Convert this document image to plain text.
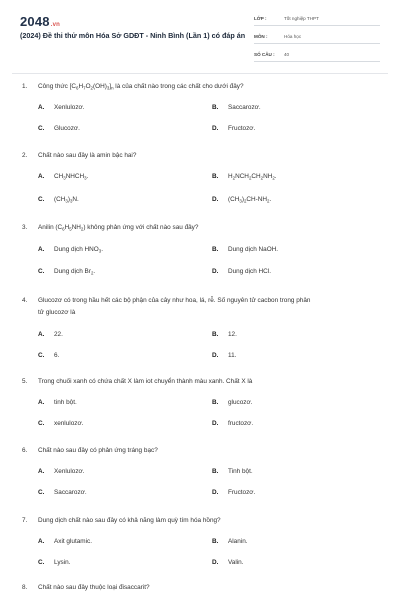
2048.vn
(2024) Đề thi thử môn Hóa Sở GDĐT - Ninh Bình (Lần 1) có đáp án
LỚP :	Tốt nghiệp THPT
MÔN :	Hóa học
SỐ CÂU :	40
1. Công thức $[C_6H_7O_2(OH)_3]_n$ là của chất nào trong các chất cho dưới đây?
A. Xenlulozơ.	B. Saccarozơ.
C. Glucozơ.	D. Fructozơ.
2. Chất nào sau đây là amin bậc hai?
A. $CH_3NHCH_3$.	B. $H_2NCH_2CH_2NH_2$.
C. $(CH_3)_3N$.	D. $(CH_3)_2CH-NH_2$.
3. Anilin $(C_6H_5NH_2)$ không phản ứng với chất nào sau đây?
A. Dung dịch $HNO_3$.	B. Dung dịch NaOH.
C. Dung dịch $Br_2$.	D. Dung dịch HCl.
4. Glucozơ có trong hầu hết các bộ phận của cây như hoa, lá, rễ. Số nguyên tử cacbon trong phân
tử glucozơ là
A. 22.	B. 12.
C. 6.	D. 11.
5. Trong chuối xanh có chứa chất X làm iot chuyển thành màu xanh. Chất X là
A. tinh bột.	B. glucozơ.
C. xenlulozơ.	D. fructozơ.
6. Chất nào sau đây có phản ứng tráng bạc?
A. Xenlulozơ.	B. Tinh bột.
C. Saccarozơ.	D. Fructozơ.
7. Dung dịch chất nào sau đây có khả năng làm quỳ tím hóa hồng?
A. Axit glutamic.	B. Alanin.
C. Lysin.	D. Valin.
8. Chất nào sau đây thuộc loại đisaccarit?
